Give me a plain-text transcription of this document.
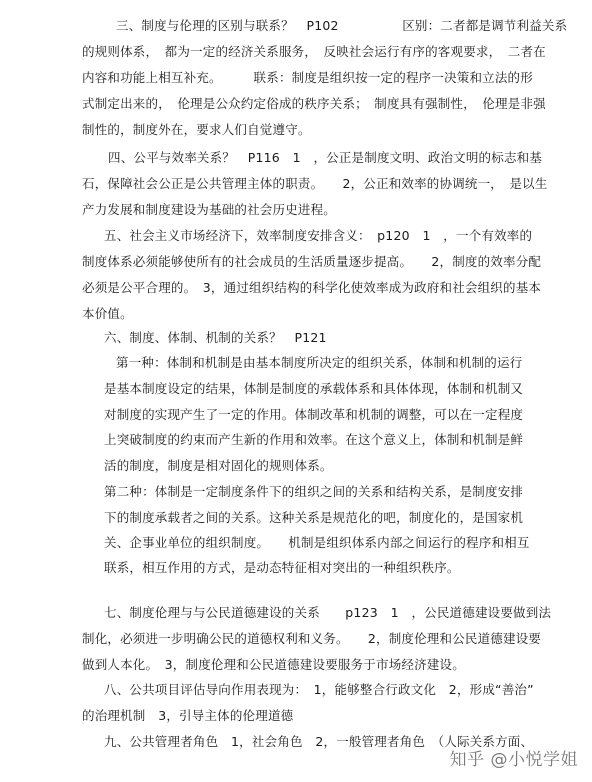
三、制度与伦理的区别与联系？　P102　　　　　区别：二者都是调节利益关系
的规则体系，　都为一定的经济关系服务，　反映社会运行有序的客观要求，　二者在
内容和功能上相互补充。　　　联系：制度是组织按一定的程序一决策和立法的形
式制定出来的，　伦理是公众约定俗成的秩序关系；　制度具有强制性，　伦理是非强
制性的，制度外在，要求人们自觉遵守。
四、公平与效率关系？　P116　1　，公正是制度文明、政治文明的标志和基
石，保障社会公正是公共管理主体的职责。　　2，公正和效率的协调统一，　是以生
产力发展和制度建设为基础的社会历史进程。
五、社会主义市场经济下，效率制度安排含义：　p120　1　，一个有效率的
制度体系必须能够使所有的社会成员的生活质量逐步提高。　　2，制度的效率分配
必须是公平合理的。　3，通过组织结构的科学化使效率成为政府和社会组织的基本
本价值。
六、制度、体制、机制的关系？　P121
第一种：体制和机制是由基本制度所决定的组织关系，体制和机制的运行
是基本制度设定的结果，体制是制度的承载体系和具体体现，体制和机制又
对制度的实现产生了一定的作用。体制改革和机制的调整，可以在一定程度
上突破制度的约束而产生新的作用和效率。在这个意义上，体制和机制是鲜
活的制度，制度是相对固化的规则体系。
第二种：体制是一定制度条件下的组织之间的关系和结构关系，是制度安排
下的制度承载者之间的关系。这种关系是规范化的吧，制度化的，是国家机
关、企事业单位的组织制度。　　机制是组织体系内部之间运行的程序和相互
联系，相互作用的方式，是动态特征相对突出的一种组织秩序。
七、制度伦理与与公民道德建设的关系　　p123　1　，公民道德建设要做到法
制化，必须进一步明确公民的道德权利和义务。　　2，制度伦理和公民道德建设要
做到人本化。　3，制度伦理和公民道德建设要服务于市场经济建设。
八、公共项目评估导向作用表现为：　1，能够整合行政文化　2，形成“善治”
的治理机制　3，引导主体的伦理道德
九、公共管理者角色　1，社会角色　2，一般管理者角色　（人际关系方面、
知乎 @小悦学姐
